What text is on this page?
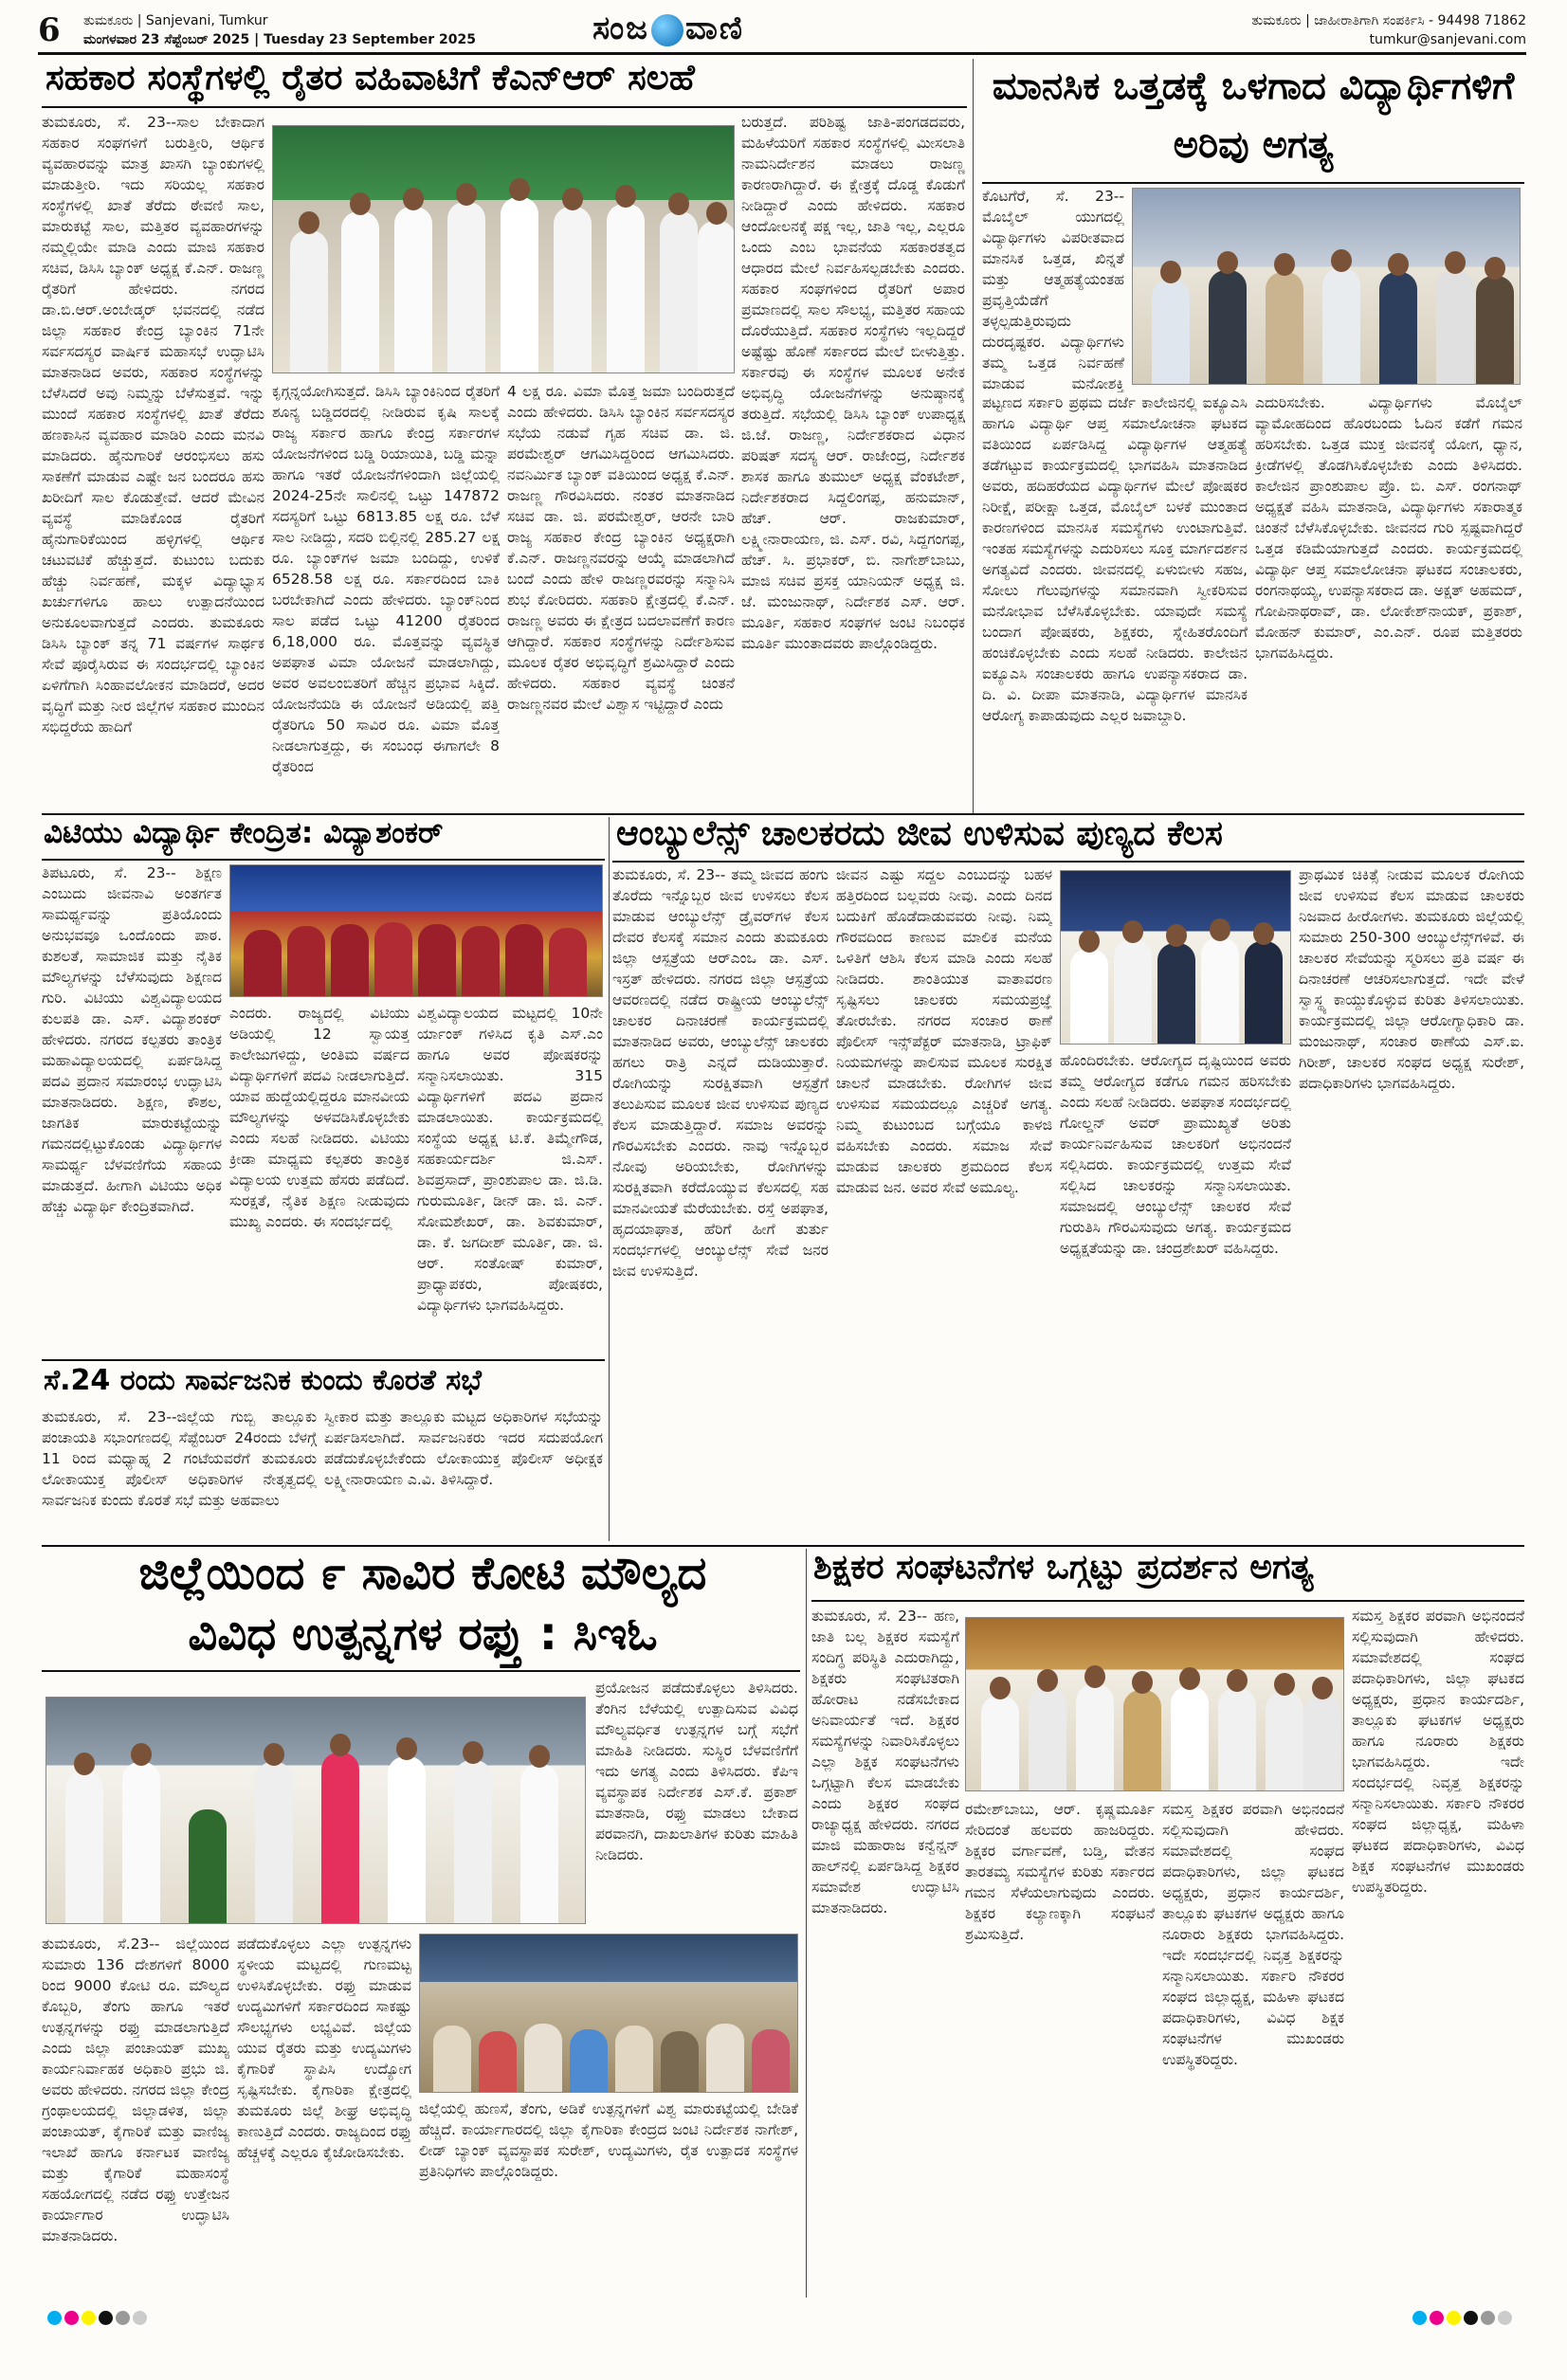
6 ತುಮಕೂರು | Sanjevani, Tumkur
ಮಂಗಳವಾರ 23 ಸೆಪ್ಟೆಂಬರ್ 2025 | Tuesday 23 September 2025	ಸಂಜ ವಾಣಿ	ತುಮಕೂರು | ಜಾಹೀರಾತಿಗಾಗಿ ಸಂಪರ್ಕಿಸಿ - 94498 71862
tumkur@sanjevani.com
ಸಹಕಾರ ಸಂಸ್ಥೆಗಳಲ್ಲಿ ರೈತರ ವಹಿವಾಟಿಗೆ ಕೆಎನ್‌ಆರ್ ಸಲಹೆ
ತುಮಕೂರು, ಸೆ. 23--ಸಾಲ ಬೇಕಾದಾಗ ಸಹಕಾರ ಸಂಘಗಳಿಗೆ ಬರುತ್ತೀರಿ, ಆರ್ಥಿಕ ವ್ಯವಹಾರವನ್ನು ಮಾತ್ರ ಖಾಸಗಿ ಬ್ಯಾಂಕುಗಳಲ್ಲಿ ಮಾಡುತ್ತೀರಿ. ಇದು ಸರಿಯಲ್ಲ ಸಹಕಾರ ಸಂಸ್ಥೆಗಳಲ್ಲಿ ಖಾತೆ ತೆರೆದು ಠೇವಣಿ ಸಾಲ, ಮಾರುಕಟ್ಟೆ ಸಾಲ, ಮತ್ತಿತರ ವ್ಯವಹಾರಗಳನ್ನು ನಮ್ಮಲ್ಲಿಯೇ ಮಾಡಿ ಎಂದು ಮಾಜಿ ಸಹಕಾರ ಸಚಿವ, ಡಿಸಿಸಿ ಬ್ಯಾಂಕ್ ಅಧ್ಯಕ್ಷ ಕೆ.ಎನ್. ರಾಜಣ್ಣ ರೈತರಿಗೆ ಹೇಳಿದರು. ನಗರದ ಡಾ.ಬಿ.ಆರ್.ಅಂಬೇಡ್ಕರ್ ಭವನದಲ್ಲಿ ನಡೆದ ಜಿಲ್ಲಾ ಸಹಕಾರ ಕೇಂದ್ರ ಬ್ಯಾಂಕಿನ 71ನೇ ಸರ್ವಸದಸ್ಯರ ವಾರ್ಷಿಕ ಮಹಾಸಭೆ ಉದ್ಘಾಟಿಸಿ ಮಾತನಾಡಿದ ಅವರು, ಸಹಕಾರ ಸಂಸ್ಥೆಗಳನ್ನು ಬೆಳೆಸಿದರೆ ಅವು ನಿಮ್ಮನ್ನು ಬೆಳೆಸುತ್ತವೆ. ಇನ್ನು ಮುಂದೆ ಸಹಕಾರ ಸಂಸ್ಥೆಗಳಲ್ಲಿ ಖಾತೆ ತೆರೆದು ಹಣಕಾಸಿನ ವ್ಯವಹಾರ ಮಾಡಿರಿ ಎಂದು ಮನವಿ ಮಾಡಿದರು. ಹೈನುಗಾರಿಕೆ ಆರಂಭಿಸಲು ಹಸು ಸಾಕಣೆಗೆ ಮಾಡುವ ಎಷ್ಟೇ ಜನ ಬಂದರೂ ಹಸು ಖರೀದಿಗೆ ಸಾಲ ಕೊಡುತ್ತೇವೆ. ಆದರೆ ಮೇವಿನ ವ್ಯವಸ್ಥೆ ಮಾಡಿಕೊಂಡ ರೈತರಿಗೆ ಹೈನುಗಾರಿಕೆಯಿಂದ ಹಳ್ಳಿಗಳಲ್ಲಿ ಆರ್ಥಿಕ ಚಟುವಟಿಕೆ ಹೆಚ್ಚುತ್ತದೆ. ಕುಟುಂಬ ಬದುಕು ಹೆಚ್ಚು ನಿರ್ವಹಣೆ, ಮಕ್ಕಳ ವಿದ್ಯಾಭ್ಯಾಸ ಖರ್ಚುಗಳಿಗೂ ಹಾಲು ಉತ್ಪಾದನೆಯಿಂದ ಅನುಕೂಲವಾಗುತ್ತದೆ ಎಂದರು. ತುಮಕೂರು ಡಿಸಿಸಿ ಬ್ಯಾಂಕ್ ತನ್ನ 71 ವರ್ಷಗಳ ಸಾರ್ಥಕ ಸೇವೆ ಪೂರೈಸಿರುವ ಈ ಸಂದರ್ಭದಲ್ಲಿ ಬ್ಯಾಂಕಿನ ಏಳಿಗೆಗಾಗಿ ಸಿಂಹಾವಲೋಕನ ಮಾಡಿದರೆ, ಅದರ ವೃದ್ಧಿಗೆ ಮತ್ತು ನೀರ ಜಿಲ್ಲೆಗಳ ಸಹಕಾರ ಮುಂದಿನ ಸಭಿದ್ದರೆಯ ಹಾದಿಗೆ
ಕೃಗ್ಗನ್ನಯೋಗಿಸುತ್ತದೆ. ಡಿಸಿಸಿ ಬ್ಯಾಂಕಿನಿಂದ ರೈತರಿಗೆ ಶೂನ್ಯ ಬಡ್ಡಿದರದಲ್ಲಿ ನೀಡಿರುವ ಕೃಷಿ ಸಾಲಕ್ಕೆ ರಾಜ್ಯ ಸರ್ಕಾರ ಹಾಗೂ ಕೇಂದ್ರ ಸರ್ಕಾರಗಳ ಯೋಜನೆಗಳಿಂದ ಬಡ್ಡಿ ರಿಯಾಯಿತಿ, ಬಡ್ಡಿ ಮನ್ನಾ ಹಾಗೂ ಇತರೆ ಯೋಜನೆಗಳಿಂದಾಗಿ ಜಿಲ್ಲೆಯಲ್ಲಿ 2024-25ನೇ ಸಾಲಿನಲ್ಲಿ ಒಟ್ಟು 147872 ಸದಸ್ಯರಿಗೆ ಒಟ್ಟು 6813.85 ಲಕ್ಷ ರೂ. ಬೆಳೆ ಸಾಲ ನೀಡಿದ್ದು, ಸದರಿ ಬಿಲ್ಲಿನಲ್ಲಿ 285.27 ಲಕ್ಷ ರೂ. ಬ್ಯಾಂಕ್‌ಗಳ ಜಮಾ ಬಂದಿದ್ದು, ಉಳಿಕೆ 6528.58 ಲಕ್ಷ ರೂ. ಸರ್ಕಾರದಿಂದ ಬಾಕಿ ಬರಬೇಕಾಗಿದೆ ಎಂದು ಹೇಳಿದರು. ಬ್ಯಾಂಕ್‌ನಿಂದ ಸಾಲ ಪಡೆದ ಒಟ್ಟು 41200 ರೈತರಿಂದ 6,18,000 ರೂ. ಮೊತ್ತವನ್ನು ವ್ಯವಸ್ಥಿತ ಅಪಘಾತ ವಿಮಾ ಯೋಜನೆ ಮಾಡಲಾಗಿದ್ದು, ಅವರ ಅವಲಂಬಿತರಿಗೆ ಹೆಚ್ಚಿನ ಪ್ರಭಾವ ಸಿಕ್ಕಿದೆ. ಯೋಜನೆಯಡಿ ಈ ಯೋಜನೆ ಅಡಿಯಲ್ಲಿ ಪತ್ತಿ ರೈತರಿಗೂ 50 ಸಾವಿರ ರೂ. ವಿಮಾ ಮೊತ್ತ ನೀಡಲಾಗುತ್ತದ್ದು, ಈ ಸಂಬಂಧ ಈಗಾಗಲೇ 8 ರೈತರಿಂದ
4 ಲಕ್ಷ ರೂ. ವಿಮಾ ಮೊತ್ತ ಜಮಾ ಬಂದಿರುತ್ತದೆ ಎಂದು ಹೇಳಿದರು. ಡಿಸಿಸಿ ಬ್ಯಾಂಕಿನ ಸರ್ವಸದಸ್ಯರ ಸಭೆಯ ನಡುವೆ ಗೃಹ ಸಚಿವ ಡಾ. ಜಿ. ಪರಮೇಶ್ವರ್ ಆಗಮಿಸಿದ್ದರಿಂದ ಆಗಮಿಸಿದರು. ನವನಿರ್ಮಿತ ಬ್ಯಾಂಕ್ ವತಿಯಿಂದ ಅಧ್ಯಕ್ಷ ಕೆ.ಎನ್. ರಾಜಣ್ಣ ಗೌರವಿಸಿದರು. ನಂತರ ಮಾತನಾಡಿದ ಸಚಿವ ಡಾ. ಜಿ. ಪರಮೇಶ್ವರ್, ಆರನೇ ಬಾರಿ ರಾಜ್ಯ ಸಹಕಾರ ಕೇಂದ್ರ ಬ್ಯಾಂಕಿನ ಅಧ್ಯಕ್ಷರಾಗಿ ಕೆ.ಎನ್. ರಾಜಣ್ಣನವರನ್ನು ಆಯ್ಕೆ ಮಾಡಲಾಗಿದೆ ಬಂದೆ ಎಂದು ಹೇಳಿ ರಾಜಣ್ಣರವರನ್ನು ಸನ್ಮಾನಿಸಿ ಶುಭ ಕೋರಿದರು. ಸಹಕಾರಿ ಕ್ಷೇತ್ರದಲ್ಲಿ ಕೆ.ಎನ್. ರಾಜಣ್ಣ ಅವರು ಈ ಕ್ಷೇತ್ರದ ಬದಲಾವಣೆಗೆ ಕಾರಣ ಆಗಿದ್ದಾರೆ. ಸಹಕಾರ ಸಂಸ್ಥೆಗಳನ್ನು ನಿರ್ದೇಶಿಸುವ ಮೂಲಕ ರೈತರ ಅಭಿವೃದ್ಧಿಗೆ ಶ್ರಮಿಸಿದ್ದಾರೆ ಎಂದು ಹೇಳಿದರು. ಸಹಕಾರ ವ್ಯವಸ್ಥೆ ಚಿಂತನೆ ರಾಜಣ್ಣನವರ ಮೇಲೆ ವಿಶ್ವಾಸ ಇಟ್ಟಿದ್ದಾರೆ ಎಂದು
ಬರುತ್ತದೆ. ಪರಿಶಿಷ್ಟ ಜಾತಿ-ಪಂಗಡದವರು, ಮಹಿಳೆಯರಿಗೆ ಸಹಕಾರ ಸಂಸ್ಥೆಗಳಲ್ಲಿ ಮೀಸಲಾತಿ ನಾಮನಿರ್ದೇಶನ ಮಾಡಲು ರಾಜಣ್ಣ ಕಾರಣರಾಗಿದ್ದಾರೆ. ಈ ಕ್ಷೇತ್ರಕ್ಕೆ ದೊಡ್ಡ ಕೊಡುಗೆ ನೀಡಿದ್ದಾರೆ ಎಂದು ಹೇಳಿದರು. ಸಹಕಾರ ಆಂದೋಲನಕ್ಕೆ ಪಕ್ಷ ಇಲ್ಲ, ಜಾತಿ ಇಲ್ಲ, ಎಲ್ಲರೂ ಒಂದು ಎಂಬ ಭಾವನೆಯ ಸಹಕಾರತತ್ವದ ಆಧಾರದ ಮೇಲೆ ನಿರ್ವಹಿಸಲ್ಪಡಬೇಕು ಎಂದರು. ಸಹಕಾರ ಸಂಘಗಳಿಂದ ರೈತರಿಗೆ ಅಪಾರ ಪ್ರಮಾಣದಲ್ಲಿ ಸಾಲ ಸೌಲಭ್ಯ, ಮತ್ತಿತರ ಸಹಾಯ ದೊರೆಯುತ್ತಿದೆ. ಸಹಕಾರ ಸಂಸ್ಥೆಗಳು ಇಲ್ಲದಿದ್ದರೆ ಅಷ್ಟೆಷ್ಟು ಹೊಣೆ ಸರ್ಕಾರದ ಮೇಲೆ ಬೀಳುತ್ತಿತ್ತು. ಸರ್ಕಾರವು ಈ ಸಂಸ್ಥೆಗಳ ಮೂಲಕ ಅನೇಕ ಅಭಿವೃದ್ಧಿ ಯೋಜನೆಗಳನ್ನು ಅನುಷ್ಠಾನಕ್ಕೆ ತರುತ್ತಿದೆ. ಸಭೆಯಲ್ಲಿ ಡಿಸಿಸಿ ಬ್ಯಾಂಕ್ ಉಪಾಧ್ಯಕ್ಷ ಜಿ.ಜೆ. ರಾಜಣ್ಣ, ನಿರ್ದೇಶಕರಾದ ವಿಧಾನ ಪರಿಷತ್ ಸದಸ್ಯ ಆರ್. ರಾಜೇಂದ್ರ, ನಿರ್ದೇಶಕ ಶಾಸಕ ಹಾಗೂ ತುಮುಲ್ ಅಧ್ಯಕ್ಷ ವೆಂಕಟೇಶ್, ನಿರ್ದೇಶಕರಾದ ಸಿದ್ದಲಿಂಗಪ್ಪ, ಹನುಮಾನ್, ಹೆಚ್. ಆರ್. ರಾಜಕುಮಾರ್, ಲಕ್ಷ್ಮೀನಾರಾಯಣ, ಜಿ. ಎಸ್. ರವಿ, ಸಿದ್ದಗಂಗಪ್ಪ, ಹೆಚ್. ಸಿ. ಪ್ರಭಾಕರ್, ಬಿ. ನಾಗೇಶ್‌ಬಾಬು, ಮಾಜಿ ಸಚಿವ ಪ್ರಸಕ್ತ ಯಾನಿಯನ್ ಅಧ್ಯಕ್ಷ ಜಿ. ಜೆ. ಮಂಜುನಾಥ್, ನಿರ್ದೇಶಕ ಎಸ್. ಆರ್. ಮೂರ್ತಿ, ಸಹಕಾರ ಸಂಘಗಳ ಜಂಟಿ ನಿಬಂಧಕ ಮೂರ್ತಿ ಮುಂತಾದವರು ಪಾಲ್ಗೊಂಡಿದ್ದರು.
ಮಾನಸಿಕ ಒತ್ತಡಕ್ಕೆ ಒಳಗಾದ ವಿದ್ಯಾರ್ಥಿಗಳಿಗೆ ಅರಿವು ಅಗತ್ಯ
ಕೊಟಗೆರೆ, ಸೆ. 23-- ಮೊಬೈಲ್ ಯುಗದಲ್ಲಿ ವಿದ್ಯಾರ್ಥಿಗಳು ವಿಪರೀತವಾದ ಮಾನಸಿಕ ಒತ್ತಡ, ಖಿನ್ನತೆ ಮತ್ತು ಆತ್ಮಹತ್ಯೆಯಂತಹ ಪ್ರವೃತ್ತಿಯೆಡೆಗೆ ತಳ್ಳಲ್ಪಡುತ್ತಿರುವುದು ದುರದೃಷ್ಟಕರ. ವಿದ್ಯಾರ್ಥಿಗಳು ತಮ್ಮ ಒತ್ತಡ ನಿರ್ವಹಣೆ ಮಾಡುವ ಮನೋಶಕ್ತಿ
ಪಟ್ಟಣದ ಸರ್ಕಾರಿ ಪ್ರಥಮ ದರ್ಜೆ ಕಾಲೇಜಿನಲ್ಲಿ ಐಕ್ಯೂಎಸಿ ಹಾಗೂ ವಿದ್ಯಾರ್ಥಿ ಆಪ್ತ ಸಮಾಲೋಚನಾ ಘಟಕದ ವತಿಯಿಂದ ಏರ್ಪಡಿಸಿದ್ದ ವಿದ್ಯಾರ್ಥಿಗಳ ಆತ್ಮಹತ್ಯೆ ತಡೆಗಟ್ಟುವ ಕಾರ್ಯಕ್ರಮದಲ್ಲಿ ಭಾಗವಹಿಸಿ ಮಾತನಾಡಿದ ಅವರು, ಹದಿಹರೆಯದ ವಿದ್ಯಾರ್ಥಿಗಳ ಮೇಲೆ ಪೋಷಕರ ನಿರೀಕ್ಷೆ, ಪರೀಕ್ಷಾ ಒತ್ತಡ, ಮೊಬೈಲ್ ಬಳಕೆ ಮುಂತಾದ ಕಾರಣಗಳಿಂದ ಮಾನಸಿಕ ಸಮಸ್ಯೆಗಳು ಉಂಟಾಗುತ್ತಿವೆ. ಇಂತಹ ಸಮಸ್ಯೆಗಳನ್ನು ಎದುರಿಸಲು ಸೂಕ್ತ ಮಾರ್ಗದರ್ಶನ ಅಗತ್ಯವಿದೆ ಎಂದರು. ಜೀವನದಲ್ಲಿ ಏಳುಬೀಳು ಸಹಜ, ಸೋಲು ಗೆಲುವುಗಳನ್ನು ಸಮಾನವಾಗಿ ಸ್ವೀಕರಿಸುವ ಮನೋಭಾವ ಬೆಳೆಸಿಕೊಳ್ಳಬೇಕು. ಯಾವುದೇ ಸಮಸ್ಯೆ ಬಂದಾಗ ಪೋಷಕರು, ಶಿಕ್ಷಕರು, ಸ್ನೇಹಿತರೊಂದಿಗೆ ಹಂಚಿಕೊಳ್ಳಬೇಕು ಎಂದು ಸಲಹೆ ನೀಡಿದರು. ಕಾಲೇಜಿನ ಐಕ್ಯೂಎಸಿ ಸಂಚಾಲಕರು ಹಾಗೂ ಉಪನ್ಯಾಸಕರಾದ ಡಾ. ದಿ. ವಿ. ದೀಪಾ ಮಾತನಾಡಿ, ವಿದ್ಯಾರ್ಥಿಗಳ ಮಾನಸಿಕ ಆರೋಗ್ಯ ಕಾಪಾಡುವುದು ಎಲ್ಲರ ಜವಾಬ್ದಾರಿ.
ಎದುರಿಸಬೇಕು. ವಿದ್ಯಾರ್ಥಿಗಳು ಮೊಬೈಲ್ ವ್ಯಾಮೋಹದಿಂದ ಹೊರಬಂದು ಓದಿನ ಕಡೆಗೆ ಗಮನ ಹರಿಸಬೇಕು. ಒತ್ತಡ ಮುಕ್ತ ಜೀವನಕ್ಕೆ ಯೋಗ, ಧ್ಯಾನ, ಕ್ರೀಡೆಗಳಲ್ಲಿ ತೊಡಗಿಸಿಕೊಳ್ಳಬೇಕು ಎಂದು ತಿಳಿಸಿದರು. ಕಾಲೇಜಿನ ಪ್ರಾಂಶುಪಾಲ ಪ್ರೊ. ಬಿ. ಎಸ್. ರಂಗನಾಥ್ ಅಧ್ಯಕ್ಷತೆ ವಹಿಸಿ ಮಾತನಾಡಿ, ವಿದ್ಯಾರ್ಥಿಗಳು ಸಕಾರಾತ್ಮಕ ಚಿಂತನೆ ಬೆಳೆಸಿಕೊಳ್ಳಬೇಕು. ಜೀವನದ ಗುರಿ ಸ್ಪಷ್ಟವಾಗಿದ್ದರೆ ಒತ್ತಡ ಕಡಿಮೆಯಾಗುತ್ತದೆ ಎಂದರು. ಕಾರ್ಯಕ್ರಮದಲ್ಲಿ ವಿದ್ಯಾರ್ಥಿ ಆಪ್ತ ಸಮಾಲೋಚನಾ ಘಟಕದ ಸಂಚಾಲಕರು, ರಂಗನಾಥಯ್ಯ, ಉಪನ್ಯಾಸಕರಾದ ಡಾ. ಅಕ್ಷತ್ ಅಹಮದ್, ಗೋಪಿನಾಥರಾವ್, ಡಾ. ಲೋಕೇಶ್‌ನಾಯಕ್, ಪ್ರಕಾಶ್, ಮೋಹನ್ ಕುಮಾರ್, ಎಂ.ಎನ್. ರೂಪ ಮತ್ತಿತರರು ಭಾಗವಹಿಸಿದ್ದರು.
ವಿಟಿಯು ವಿದ್ಯಾರ್ಥಿ ಕೇಂದ್ರಿತ: ವಿದ್ಯಾಶಂಕರ್
ತಿಪಟೂರು, ಸೆ. 23-- ಶಿಕ್ಷಣ ಎಂಬುದು ಜೀವನಾವಿ ಅಂತರ್ಗತ ಸಾಮರ್ಥ್ಯವನ್ನು ಪ್ರತಿಯೊಂದು ಅನುಭವವೂ ಒಂದೊಂದು ಪಾಠ. ಕುಶಲತೆ, ಸಾಮಾಜಿಕ ಮತ್ತು ನೈತಿಕ ಮೌಲ್ಯಗಳನ್ನು ಬೆಳೆಸುವುದು ಶಿಕ್ಷಣದ ಗುರಿ. ವಿಟಿಯು ವಿಶ್ವವಿದ್ಯಾಲಯದ ಕುಲಪತಿ ಡಾ. ಎಸ್. ವಿದ್ಯಾಶಂಕರ್ ಹೇಳಿದರು. ನಗರದ ಕಲ್ಪತರು ತಾಂತ್ರಿಕ ಮಹಾವಿದ್ಯಾಲಯದಲ್ಲಿ ಏರ್ಪಡಿಸಿದ್ದ ಪದವಿ ಪ್ರದಾನ ಸಮಾರಂಭ ಉದ್ಘಾಟಿಸಿ ಮಾತನಾಡಿದರು. ಶಿಕ್ಷಣ, ಕೌಶಲ, ಜಾಗತಿಕ ಮಾರುಕಟ್ಟೆಯನ್ನು ಗಮನದಲ್ಲಿಟ್ಟುಕೊಂಡು ವಿದ್ಯಾರ್ಥಿಗಳ ಸಾಮರ್ಥ್ಯ ಬೆಳವಣಿಗೆಯ ಸಹಾಯ ಮಾಡುತ್ತದೆ. ಹೀಗಾಗಿ ವಿಟಿಯು ಅಧಿಕ ಹೆಚ್ಚು ವಿದ್ಯಾರ್ಥಿ ಕೇಂದ್ರಿತವಾಗಿದೆ.
ಎಂದರು. ರಾಜ್ಯದಲ್ಲಿ ವಿಟಿಯು ಅಡಿಯಲ್ಲಿ 12 ಸ್ವಾಯತ್ತ ಕಾಲೇಜುಗಳಿದ್ದು, ಅಂತಿಮ ವರ್ಷದ ವಿದ್ಯಾರ್ಥಿಗಳಿಗೆ ಪದವಿ ನೀಡಲಾಗುತ್ತಿದೆ. ಯಾವ ಹುದ್ದೆಯಲ್ಲಿದ್ದರೂ ಮಾನವೀಯ ಮೌಲ್ಯಗಳನ್ನು ಅಳವಡಿಸಿಕೊಳ್ಳಬೇಕು ಎಂದು ಸಲಹೆ ನೀಡಿದರು. ವಿಟಿಯು ಕ್ರೀಡಾ ಮಾಧ್ಯಮ ಕಲ್ಪತರು ತಾಂತ್ರಿಕ ವಿದ್ಯಾಲಯ ಉತ್ತಮ ಹೆಸರು ಪಡೆದಿದೆ. ಸುರಕ್ಷತೆ, ನೈತಿಕ ಶಿಕ್ಷಣ ನೀಡುವುದು ಮುಖ್ಯ ಎಂದರು. ಈ ಸಂದರ್ಭದಲ್ಲಿ
ವಿಶ್ವವಿದ್ಯಾಲಯದ ಮಟ್ಟದಲ್ಲಿ 10ನೇ ರ್ಯಾಂಕ್ ಗಳಿಸಿದ ಕೃತಿ ಎಸ್.ಎಂ ಹಾಗೂ ಅವರ ಪೋಷಕರನ್ನು ಸನ್ಮಾನಿಸಲಾಯಿತು. 315 ವಿದ್ಯಾರ್ಥಿಗಳಿಗೆ ಪದವಿ ಪ್ರದಾನ ಮಾಡಲಾಯಿತು. ಕಾರ್ಯಕ್ರಮದಲ್ಲಿ ಸಂಸ್ಥೆಯ ಅಧ್ಯಕ್ಷ ಟಿ.ಕೆ. ತಿಮ್ಮೇಗೌಡ, ಸಹಕಾರ್ಯದರ್ಶಿ ಜಿ.ಎಸ್. ಶಿವಪ್ರಸಾದ್, ಪ್ರಾಂಶುಪಾಲ ಡಾ. ಜಿ.ಡಿ. ಗುರುಮೂರ್ತಿ, ಡೀನ್ ಡಾ. ಜಿ. ಎನ್. ಸೋಮಶೇಖರ್, ಡಾ. ಶಿವಕುಮಾರ್, ಡಾ. ಕೆ. ಜಗದೀಶ್ ಮೂರ್ತಿ, ಡಾ. ಜಿ. ಆರ್. ಸಂತೋಷ್ ಕುಮಾರ್, ಪ್ರಾಧ್ಯಾಪಕರು, ಪೋಷಕರು, ವಿದ್ಯಾರ್ಥಿಗಳು ಭಾಗವಹಿಸಿದ್ದರು.
ಸೆ.24 ರಂದು ಸಾರ್ವಜನಿಕ ಕುಂದು ಕೊರತೆ ಸಭೆ
ತುಮಕೂರು, ಸೆ. 23--ಜಿಲ್ಲೆಯ ಗುಬ್ಬಿ ತಾಲ್ಲೂಕು ಪಂಚಾಯತಿ ಸಭಾಂಗಣದಲ್ಲಿ ಸೆಪ್ಟೆಂಬರ್ 24ರಂದು ಬೆಳಗ್ಗೆ 11 ರಿಂದ ಮಧ್ಯಾಹ್ನ 2 ಗಂಟೆಯವರೆಗೆ ತುಮಕೂರು ಲೋಕಾಯುಕ್ತ ಪೊಲೀಸ್ ಅಧಿಕಾರಿಗಳ ನೇತೃತ್ವದಲ್ಲಿ ಸಾರ್ವಜನಿಕ ಕುಂದು ಕೊರತೆ ಸಭೆ ಮತ್ತು ಅಹವಾಲು
ಸ್ವೀಕಾರ ಮತ್ತು ತಾಲ್ಲೂಕು ಮಟ್ಟದ ಅಧಿಕಾರಿಗಳ ಸಭೆಯನ್ನು ಏರ್ಪಡಿಸಲಾಗಿದೆ. ಸಾರ್ವಜನಿಕರು ಇದರ ಸದುಪಯೋಗ ಪಡೆದುಕೊಳ್ಳಬೇಕೆಂದು ಲೋಕಾಯುಕ್ತ ಪೊಲೀಸ್ ಅಧೀಕ್ಷಕ ಲಕ್ಷ್ಮೀನಾರಾಯಣ ಎ.ವಿ. ತಿಳಿಸಿದ್ದಾರೆ.
ಆಂಬ್ಯುಲೆನ್ಸ್ ಚಾಲಕರದು ಜೀವ ಉಳಿಸುವ ಪುಣ್ಯದ ಕೆಲಸ
ತುಮಕೂರು, ಸೆ. 23-- ತಮ್ಮ ಜೀವದ ಹಂಗು ತೊರೆದು ಇನ್ನೊಬ್ಬರ ಜೀವ ಉಳಿಸಲು ಕೆಲಸ ಮಾಡುವ ಆಂಬ್ಯುಲೆನ್ಸ್ ಡ್ರೈವರ್‌ಗಳ ಕೆಲಸ ದೇವರ ಕೆಲಸಕ್ಕೆ ಸಮಾನ ಎಂದು ತುಮಕೂರು ಜಿಲ್ಲಾ ಆಸ್ಪತ್ರೆಯ ಆರ್‌ಎಂಒ ಡಾ. ಎಸ್. ಇಸ್ರತ್ ಹೇಳಿದರು. ನಗರದ ಜಿಲ್ಲಾ ಆಸ್ಪತ್ರೆಯ ಆವರಣದಲ್ಲಿ ನಡೆದ ರಾಷ್ಟ್ರೀಯ ಆಂಬ್ಯುಲೆನ್ಸ್ ಚಾಲಕರ ದಿನಾಚರಣೆ ಕಾರ್ಯಕ್ರಮದಲ್ಲಿ ಮಾತನಾಡಿದ ಅವರು, ಆಂಬ್ಯುಲೆನ್ಸ್ ಚಾಲಕರು ಹಗಲು ರಾತ್ರಿ ಎನ್ನದೆ ದುಡಿಯುತ್ತಾರೆ. ರೋಗಿಯನ್ನು ಸುರಕ್ಷಿತವಾಗಿ ಆಸ್ಪತ್ರೆಗೆ ತಲುಪಿಸುವ ಮೂಲಕ ಜೀವ ಉಳಿಸುವ ಪುಣ್ಯದ ಕೆಲಸ ಮಾಡುತ್ತಿದ್ದಾರೆ. ಸಮಾಜ ಅವರನ್ನು ಗೌರವಿಸಬೇಕು ಎಂದರು. ನಾವು ಇನ್ನೊಬ್ಬರ ನೋವು ಅರಿಯಬೇಕು, ರೋಗಿಗಳನ್ನು ಸುರಕ್ಷಿತವಾಗಿ ಕರೆದೊಯ್ಯುವ ಕೆಲಸದಲ್ಲಿ ಸಹ ಮಾನವೀಯತೆ ಮೆರೆಯಬೇಕು. ರಸ್ತೆ ಅಪಘಾತ, ಹೃದಯಾಘಾತ, ಹೆರಿಗೆ ಹೀಗೆ ತುರ್ತು ಸಂದರ್ಭಗಳಲ್ಲಿ ಆಂಬ್ಯುಲೆನ್ಸ್ ಸೇವೆ ಜನರ ಜೀವ ಉಳಿಸುತ್ತಿದೆ.
ಜೀವನ ಎಷ್ಟು ಸದ್ದಲ ಎಂಬುದನ್ನು ಬಹಳ ಹತ್ತಿರದಿಂದ ಬಲ್ಲವರು ನೀವು. ಎಂದು ದಿನದ ಬದುಕಿಗೆ ಹೊಡೆದಾಡುವವರು ನೀವು. ನಿಮ್ಮ ಗೌರವದಿಂದ ಕಾಣುವ ಮಾಲಿಕ ಮನೆಯ ಒಳಿತಿಗೆ ಆಶಿಸಿ ಕೆಲಸ ಮಾಡಿ ಎಂದು ಸಲಹೆ ನೀಡಿದರು. ಶಾಂತಿಯುತ ವಾತಾವರಣ ಸೃಷ್ಟಿಸಲು ಚಾಲಕರು ಸಮಯಪ್ರಜ್ಞೆ ತೋರಬೇಕು. ನಗರದ ಸಂಚಾರ ಠಾಣೆ ಪೊಲೀಸ್ ಇನ್ಸ್‌ಪೆಕ್ಟರ್ ಮಾತನಾಡಿ, ಟ್ರಾಫಿಕ್ ನಿಯಮಗಳನ್ನು ಪಾಲಿಸುವ ಮೂಲಕ ಸುರಕ್ಷಿತ ಚಾಲನೆ ಮಾಡಬೇಕು. ರೋಗಿಗಳ ಜೀವ ಉಳಿಸುವ ಸಮಯದಲ್ಲೂ ಎಚ್ಚರಿಕೆ ಅಗತ್ಯ. ನಿಮ್ಮ ಕುಟುಂಬದ ಬಗ್ಗೆಯೂ ಕಾಳಜಿ ವಹಿಸಬೇಕು ಎಂದರು. ಸಮಾಜ ಸೇವೆ ಮಾಡುವ ಚಾಲಕರು ಶ್ರಮದಿಂದ ಕೆಲಸ ಮಾಡುವ ಜನ. ಅವರ ಸೇವೆ ಅಮೂಲ್ಯ.
ಹೊಂದಿರಬೇಕು. ಆರೋಗ್ಯದ ದೃಷ್ಟಿಯಿಂದ ಅವರು ತಮ್ಮ ಆರೋಗ್ಯದ ಕಡೆಗೂ ಗಮನ ಹರಿಸಬೇಕು ಎಂದು ಸಲಹೆ ನೀಡಿದರು. ಅಪಘಾತ ಸಂದರ್ಭದಲ್ಲಿ ಗೋಲ್ಡನ್ ಅವರ್ ಪ್ರಾಮುಖ್ಯತೆ ಅರಿತು ಕಾರ್ಯನಿರ್ವಹಿಸುವ ಚಾಲಕರಿಗೆ ಅಭಿನಂದನೆ ಸಲ್ಲಿಸಿದರು. ಕಾರ್ಯಕ್ರಮದಲ್ಲಿ ಉತ್ತಮ ಸೇವೆ ಸಲ್ಲಿಸಿದ ಚಾಲಕರನ್ನು ಸನ್ಮಾನಿಸಲಾಯಿತು. ಸಮಾಜದಲ್ಲಿ ಆಂಬ್ಯುಲೆನ್ಸ್ ಚಾಲಕರ ಸೇವೆ ಗುರುತಿಸಿ ಗೌರವಿಸುವುದು ಅಗತ್ಯ. ಕಾರ್ಯಕ್ರಮದ ಅಧ್ಯಕ್ಷತೆಯನ್ನು ಡಾ. ಚಂದ್ರಶೇಖರ್ ವಹಿಸಿದ್ದರು.
ಪ್ರಾಥಮಿಕ ಚಿಕಿತ್ಸೆ ನೀಡುವ ಮೂಲಕ ರೋಗಿಯ ಜೀವ ಉಳಿಸುವ ಕೆಲಸ ಮಾಡುವ ಚಾಲಕರು ನಿಜವಾದ ಹೀರೋಗಳು. ತುಮಕೂರು ಜಿಲ್ಲೆಯಲ್ಲಿ ಸುಮಾರು 250-300 ಆಂಬ್ಯುಲೆನ್ಸ್‌ಗಳಿವೆ. ಈ ಚಾಲಕರ ಸೇವೆಯನ್ನು ಸ್ಮರಿಸಲು ಪ್ರತಿ ವರ್ಷ ಈ ದಿನಾಚರಣೆ ಆಚರಿಸಲಾಗುತ್ತದೆ. ಇದೇ ವೇಳೆ ಸ್ವಾಸ್ಥ್ಯ ಕಾಯ್ದುಕೊಳ್ಳುವ ಕುರಿತು ತಿಳಿಸಲಾಯಿತು. ಕಾರ್ಯಕ್ರಮದಲ್ಲಿ ಜಿಲ್ಲಾ ಆರೋಗ್ಯಾಧಿಕಾರಿ ಡಾ. ಮಂಜುನಾಥ್, ಸಂಚಾರ ಠಾಣೆಯ ಎಸ್.ಐ. ಗಿರೀಶ್, ಚಾಲಕರ ಸಂಘದ ಅಧ್ಯಕ್ಷ ಸುರೇಶ್, ಪದಾಧಿಕಾರಿಗಳು ಭಾಗವಹಿಸಿದ್ದರು.
ಜಿಲ್ಲೆಯಿಂದ ೯ ಸಾವಿರ ಕೋಟಿ ಮೌಲ್ಯದ
ವಿವಿಧ ಉತ್ಪನ್ನಗಳ ರಫ್ತು : ಸಿಇಓ
ಪ್ರಯೋಜನ ಪಡೆದುಕೊಳ್ಳಲು ತಿಳಿಸಿದರು. ತೆಂಗಿನ ಬೆಳೆಯಲ್ಲಿ ಉತ್ಪಾದಿಸುವ ವಿವಿಧ ಮೌಲ್ಯವರ್ಧಿತ ಉತ್ಪನ್ನಗಳ ಬಗ್ಗೆ ಸಭೆಗೆ ಮಾಹಿತಿ ನೀಡಿದರು. ಸುಸ್ಥಿರ ಬೆಳವಣಿಗೆಗೆ ಇದು ಅಗತ್ಯ ಎಂದು ತಿಳಿಸಿದರು. ಕೆಪಿಇ ವ್ಯವಸ್ಥಾಪಕ ನಿರ್ದೇಶಕ ಎಸ್.ಕೆ. ಪ್ರಕಾಶ್ ಮಾತನಾಡಿ, ರಫ್ತು ಮಾಡಲು ಬೇಕಾದ ಪರವಾನಗಿ, ದಾಖಲಾತಿಗಳ ಕುರಿತು ಮಾಹಿತಿ ನೀಡಿದರು.
ತುಮಕೂರು, ಸೆ.23-- ಜಿಲ್ಲೆಯಿಂದ ಸುಮಾರು 136 ದೇಶಗಳಿಗೆ 8000 ರಿಂದ 9000 ಕೋಟಿ ರೂ. ಮೌಲ್ಯದ ಕೊಬ್ಬರಿ, ತೆಂಗು ಹಾಗೂ ಇತರೆ ಉತ್ಪನ್ನಗಳನ್ನು ರಫ್ತು ಮಾಡಲಾಗುತ್ತಿದೆ ಎಂದು ಜಿಲ್ಲಾ ಪಂಚಾಯತ್ ಮುಖ್ಯ ಕಾರ್ಯನಿರ್ವಾಹಕ ಅಧಿಕಾರಿ ಪ್ರಭು ಜಿ. ಅವರು ಹೇಳಿದರು. ನಗರದ ಜಿಲ್ಲಾ ಕೇಂದ್ರ ಗ್ರಂಥಾಲಯದಲ್ಲಿ ಜಿಲ್ಲಾಡಳಿತ, ಜಿಲ್ಲಾ ಪಂಚಾಯತ್, ಕೈಗಾರಿಕೆ ಮತ್ತು ವಾಣಿಜ್ಯ ಇಲಾಖೆ ಹಾಗೂ ಕರ್ನಾಟಕ ವಾಣಿಜ್ಯ ಮತ್ತು ಕೈಗಾರಿಕೆ ಮಹಾಸಂಸ್ಥೆ ಸಹಯೋಗದಲ್ಲಿ ನಡೆದ ರಫ್ತು ಉತ್ತೇಜನ ಕಾರ್ಯಾಗಾರ ಉದ್ಘಾಟಿಸಿ ಮಾತನಾಡಿದರು.
ಪಡೆದುಕೊಳ್ಳಲು ಎಲ್ಲಾ ಉತ್ಪನ್ನಗಳು ಸ್ಥಳೀಯ ಮಟ್ಟದಲ್ಲಿ ಗುಣಮಟ್ಟ ಉಳಿಸಿಕೊಳ್ಳಬೇಕು. ರಫ್ತು ಮಾಡುವ ಉದ್ಯಮಿಗಳಿಗೆ ಸರ್ಕಾರದಿಂದ ಸಾಕಷ್ಟು ಸೌಲಭ್ಯಗಳು ಲಭ್ಯವಿವೆ. ಜಿಲ್ಲೆಯ ಯುವ ರೈತರು ಮತ್ತು ಉದ್ಯಮಿಗಳು ಕೈಗಾರಿಕೆ ಸ್ಥಾಪಿಸಿ ಉದ್ಯೋಗ ಸೃಷ್ಟಿಸಬೇಕು. ಕೈಗಾರಿಕಾ ಕ್ಷೇತ್ರದಲ್ಲಿ ತುಮಕೂರು ಜಿಲ್ಲೆ ಶೀಘ್ರ ಅಭಿವೃದ್ಧಿ ಕಾಣುತ್ತಿದೆ ಎಂದರು. ರಾಜ್ಯದಿಂದ ರಫ್ತು ಹೆಚ್ಚಳಕ್ಕೆ ಎಲ್ಲರೂ ಕೈಜೋಡಿಸಬೇಕು.
ಜಿಲ್ಲೆಯಲ್ಲಿ ಹುಣಸೆ, ತೆಂಗು, ಅಡಿಕೆ ಉತ್ಪನ್ನಗಳಿಗೆ ವಿಶ್ವ ಮಾರುಕಟ್ಟೆಯಲ್ಲಿ ಬೇಡಿಕೆ ಹೆಚ್ಚಿದೆ. ಕಾರ್ಯಾಗಾರದಲ್ಲಿ ಜಿಲ್ಲಾ ಕೈಗಾರಿಕಾ ಕೇಂದ್ರದ ಜಂಟಿ ನಿರ್ದೇಶಕ ನಾಗೇಶ್, ಲೀಡ್ ಬ್ಯಾಂಕ್ ವ್ಯವಸ್ಥಾಪಕ ಸುರೇಶ್, ಉದ್ಯಮಿಗಳು, ರೈತ ಉತ್ಪಾದಕ ಸಂಸ್ಥೆಗಳ ಪ್ರತಿನಿಧಿಗಳು ಪಾಲ್ಗೊಂಡಿದ್ದರು.
ಶಿಕ್ಷಕರ ಸಂಘಟನೆಗಳ ಒಗ್ಗಟ್ಟು ಪ್ರದರ್ಶನ ಅಗತ್ಯ
ತುಮಕೂರು, ಸೆ. 23-- ಹಣ, ಜಾತಿ ಬಲ್ಲ ಶಿಕ್ಷಕರ ಸಮಸ್ಯೆಗೆ ಸಂದಿಗ್ಧ ಪರಿಸ್ಥಿತಿ ಎದುರಾಗಿದ್ದು, ಶಿಕ್ಷಕರು ಸಂಘಟಿತರಾಗಿ ಹೋರಾಟ ನಡೆಸಬೇಕಾದ ಅನಿವಾರ್ಯತೆ ಇದೆ. ಶಿಕ್ಷಕರ ಸಮಸ್ಯೆಗಳನ್ನು ನಿವಾರಿಸಿಕೊಳ್ಳಲು ಎಲ್ಲಾ ಶಿಕ್ಷಕ ಸಂಘಟನೆಗಳು ಒಗ್ಗಟ್ಟಾಗಿ ಕೆಲಸ ಮಾಡಬೇಕು ಎಂದು ಶಿಕ್ಷಕರ ಸಂಘದ ರಾಜ್ಯಾಧ್ಯಕ್ಷ ಹೇಳಿದರು. ನಗರದ ಮಾಜಿ ಮಹಾರಾಜ ಕನ್ವೆನ್ಷನ್ ಹಾಲ್‌ನಲ್ಲಿ ಏರ್ಪಡಿಸಿದ್ದ ಶಿಕ್ಷಕರ ಸಮಾವೇಶ ಉದ್ಘಾಟಿಸಿ ಮಾತನಾಡಿದರು.
ರಮೇಶ್‌ಬಾಬು, ಆರ್. ಕೃಷ್ಣಮೂರ್ತಿ ಸೇರಿದಂತೆ ಹಲವರು ಹಾಜರಿದ್ದರು. ಶಿಕ್ಷಕರ ವರ್ಗಾವಣೆ, ಬಡ್ತಿ, ವೇತನ ತಾರತಮ್ಯ ಸಮಸ್ಯೆಗಳ ಕುರಿತು ಸರ್ಕಾರದ ಗಮನ ಸೆಳೆಯಲಾಗುವುದು ಎಂದರು. ಶಿಕ್ಷಕರ ಕಲ್ಯಾಣಕ್ಕಾಗಿ ಸಂಘಟನೆ ಶ್ರಮಿಸುತ್ತಿದೆ.
ಸಮಸ್ತ ಶಿಕ್ಷಕರ ಪರವಾಗಿ ಅಭಿನಂದನೆ ಸಲ್ಲಿಸುವುದಾಗಿ ಹೇಳಿದರು. ಸಮಾವೇಶದಲ್ಲಿ ಸಂಘದ ಪದಾಧಿಕಾರಿಗಳು, ಜಿಲ್ಲಾ ಘಟಕದ ಅಧ್ಯಕ್ಷರು, ಪ್ರಧಾನ ಕಾರ್ಯದರ್ಶಿ, ತಾಲ್ಲೂಕು ಘಟಕಗಳ ಅಧ್ಯಕ್ಷರು ಹಾಗೂ ನೂರಾರು ಶಿಕ್ಷಕರು ಭಾಗವಹಿಸಿದ್ದರು. ಇದೇ ಸಂದರ್ಭದಲ್ಲಿ ನಿವೃತ್ತ ಶಿಕ್ಷಕರನ್ನು ಸನ್ಮಾನಿಸಲಾಯಿತು. ಸರ್ಕಾರಿ ನೌಕರರ ಸಂಘದ ಜಿಲ್ಲಾಧ್ಯಕ್ಷ, ಮಹಿಳಾ ಘಟಕದ ಪದಾಧಿಕಾರಿಗಳು, ವಿವಿಧ ಶಿಕ್ಷಕ ಸಂಘಟನೆಗಳ ಮುಖಂಡರು ಉಪಸ್ಥಿತರಿದ್ದರು.
ಸಮಸ್ತ ಶಿಕ್ಷಕರ ಪರವಾಗಿ ಅಭಿನಂದನೆ ಸಲ್ಲಿಸುವುದಾಗಿ ಹೇಳಿದರು. ಸಮಾವೇಶದಲ್ಲಿ ಸಂಘದ ಪದಾಧಿಕಾರಿಗಳು, ಜಿಲ್ಲಾ ಘಟಕದ ಅಧ್ಯಕ್ಷರು, ಪ್ರಧಾನ ಕಾರ್ಯದರ್ಶಿ, ತಾಲ್ಲೂಕು ಘಟಕಗಳ ಅಧ್ಯಕ್ಷರು ಹಾಗೂ ನೂರಾರು ಶಿಕ್ಷಕರು ಭಾಗವಹಿಸಿದ್ದರು. ಇದೇ ಸಂದರ್ಭದಲ್ಲಿ ನಿವೃತ್ತ ಶಿಕ್ಷಕರನ್ನು ಸನ್ಮಾನಿಸಲಾಯಿತು. ಸರ್ಕಾರಿ ನೌಕರರ ಸಂಘದ ಜಿಲ್ಲಾಧ್ಯಕ್ಷ, ಮಹಿಳಾ ಘಟಕದ ಪದಾಧಿಕಾರಿಗಳು, ವಿವಿಧ ಶಿಕ್ಷಕ ಸಂಘಟನೆಗಳ ಮುಖಂಡರು ಉಪಸ್ಥಿತರಿದ್ದರು.
